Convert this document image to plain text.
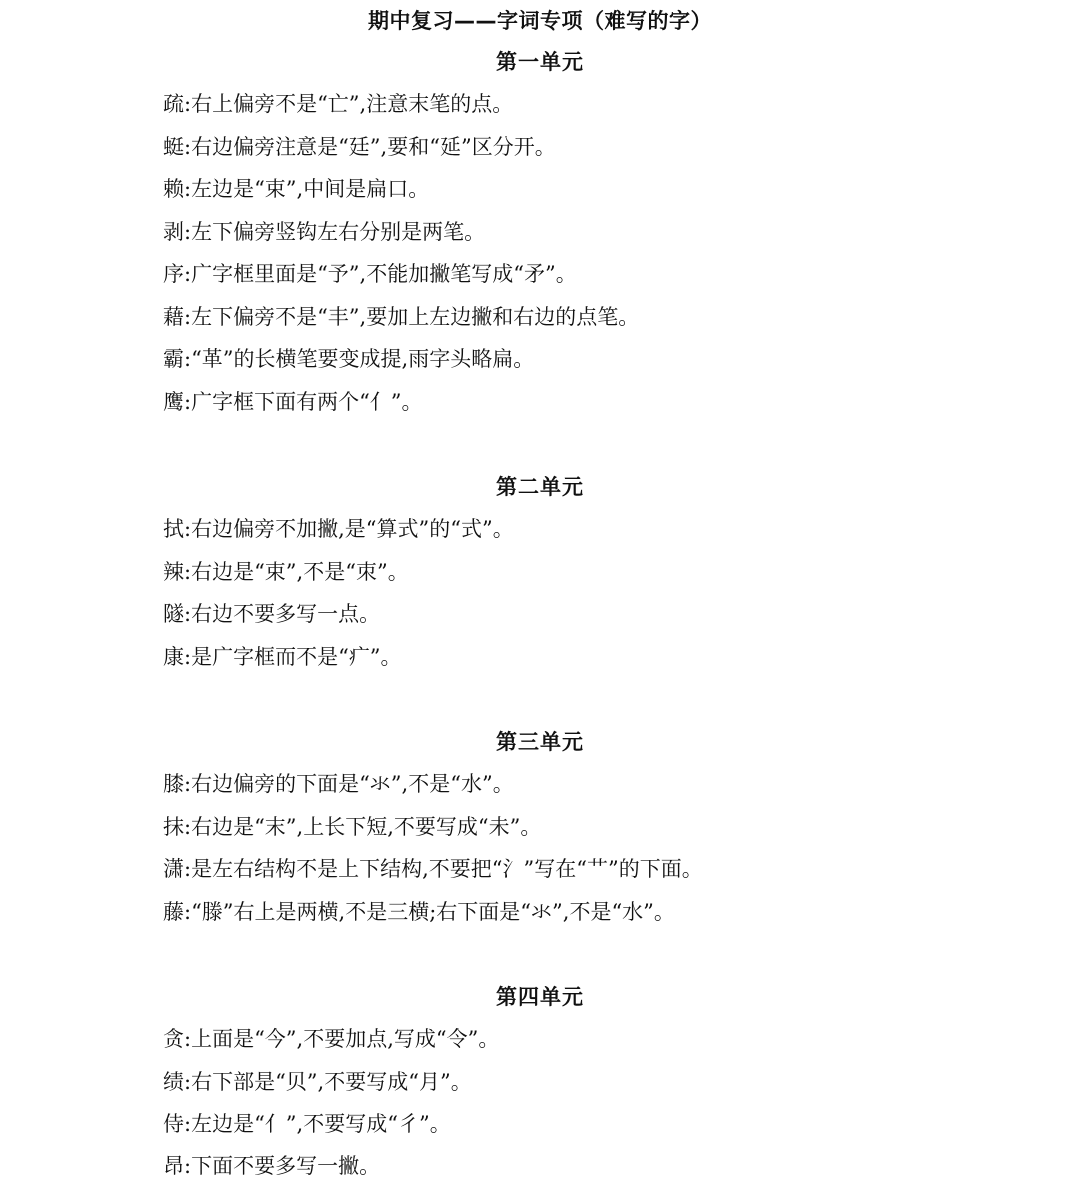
期中复习——字词专项（难写的字）
第一单元
疏:右上偏旁不是“亡”,注意末笔的点。
蜓:右边偏旁注意是“廷”,要和“延”区分开。
赖:左边是“束”,中间是扁口。
剥:左下偏旁竖钩左右分别是两笔。
序:广字框里面是“予”,不能加撇笔写成“矛”。
藉:左下偏旁不是“丰”,要加上左边撇和右边的点笔。
霸:“革”的长横笔要变成提,雨字头略扁。
鹰:广字框下面有两个“亻”。
第二单元
拭:右边偏旁不加撇,是“算式”的“式”。
辣:右边是“束”,不是“朿”。
隧:右边不要多写一点。
康:是广字框而不是“疒”。
第三单元
膝:右边偏旁的下面是“氺”,不是“水”。
抹:右边是“末”,上长下短,不要写成“未”。
潇:是左右结构不是上下结构,不要把“氵”写在“艹”的下面。
藤:“滕”右上是两横,不是三横;右下面是“氺”,不是“水”。
第四单元
贪:上面是“今”,不要加点,写成“令”。
绩:右下部是“贝”,不要写成“月”。
侍:左边是“亻”,不要写成“彳”。
昂:下面不要多写一撇。
